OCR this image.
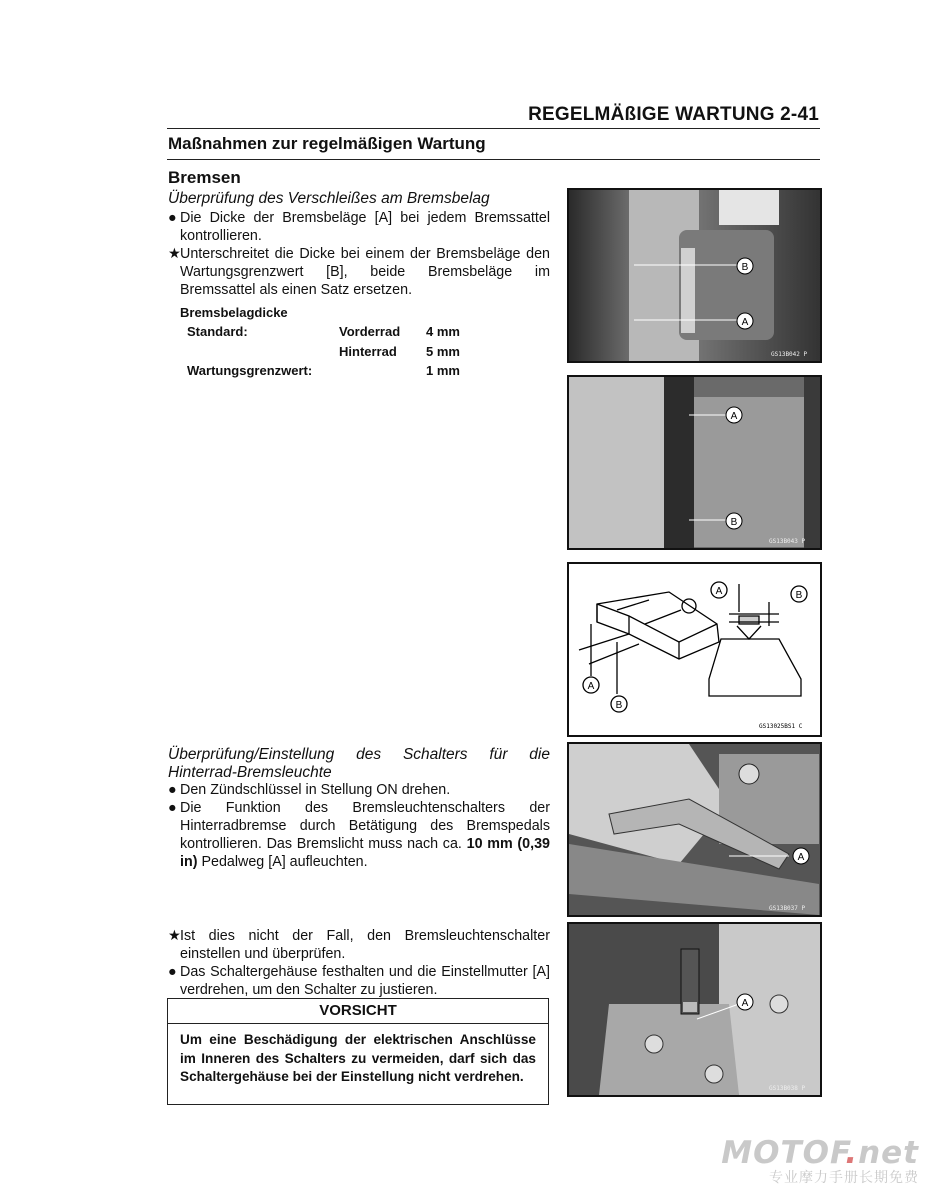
REGELMÄßIGE WARTUNG 2-41
Maßnahmen zur regelmäßigen Wartung
Bremsen
Überprüfung des Verschleißes am Bremsbelag
● Die Dicke der Bremsbeläge [A] bei jedem Bremssattel kontrollieren.
★ Unterschreitet die Dicke bei einem der Bremsbeläge den Wartungsgrenzwert [B], beide Bremsbeläge im Bremssattel als einen Satz ersetzen.
Bremsbelagdicke
Standard:	Vorderrad 4 mm
Hinterrad 5 mm
Wartungsgrenzwert:	1 mm
Überprüfung/Einstellung des Schalters für die Hinterrad-Bremsleuchte
● Den Zündschlüssel in Stellung ON drehen.
● Die Funktion des Bremsleuchtenschalters der Hinterradbremse durch Betätigung des Bremspedals kontrollieren. Das Bremslicht muss nach ca. 10 mm (0,39 in) Pedalweg [A] aufleuchten.
★ Ist dies nicht der Fall, den Bremsleuchtenschalter einstellen und überprüfen.
● Das Schaltergehäuse festhalten und die Einstellmutter [A] verdrehen, um den Schalter zu justieren.
VORSICHT
Um eine Beschädigung der elektrischen Anschlüsse im Inneren des Schalters zu vermeiden, darf sich das Schaltergehäuse bei der Einstellung nicht verdrehen.
B
A
GS13B042 P
A
B
GS13B043 P
A
B
A	B
GS13025BS1 C
A
GS13B037 P
A
GS13B038 P
MOTOF.net
专业摩力手册长期免费
